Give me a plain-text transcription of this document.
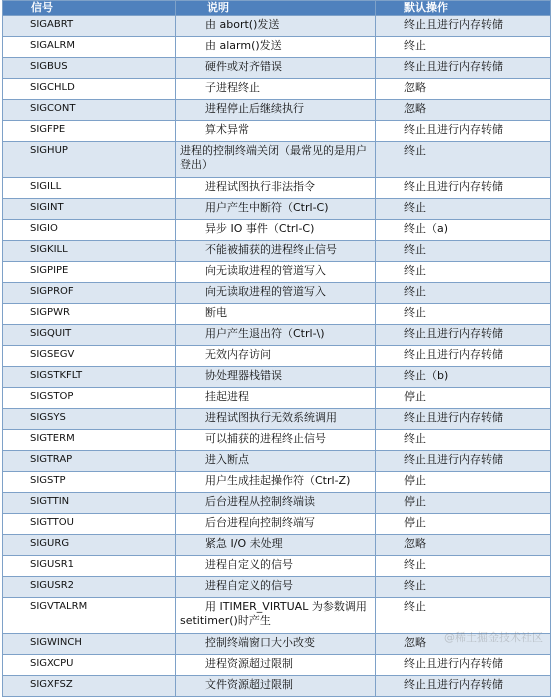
信号	说明	默认操作
SIGABRT	由 abort()发送	终止且进行内存转储
SIGALRM	由 alarm()发送	终止
SIGBUS	硬件或对齐错误	终止且进行内存转储
SIGCHLD	子进程终止	忽略
SIGCONT	进程停止后继续执行	忽略
SIGFPE	算术异常	终止且进行内存转储
SIGHUP	进程的控制终端关闭（最常见的是用户登出）	终止
SIGILL	进程试图执行非法指令	终止且进行内存转储
SIGINT	用户产生中断符（Ctrl-C)	终止
SIGIO	异步 IO 事件（Ctrl-C)	终止（a)
SIGKILL	不能被捕获的进程终止信号	终止
SIGPIPE	向无读取进程的管道写入	终止
SIGPROF	向无读取进程的管道写入	终止
SIGPWR	断电	终止
SIGQUIT	用户产生退出符（Ctrl-\)	终止且进行内存转储
SIGSEGV	无效内存访问	终止且进行内存转储
SIGSTKFLT	协处理器栈错误	终止（b)
SIGSTOP	挂起进程	停止
SIGSYS	进程试图执行无效系统调用	终止且进行内存转储
SIGTERM	可以捕获的进程终止信号	终止
SIGTRAP	进入断点	终止且进行内存转储
SIGSTP	用户生成挂起操作符（Ctrl-Z)	停止
SIGTTIN	后台进程从控制终端读	停止
SIGTTOU	后台进程向控制终端写	停止
SIGURG	紧急 I/O 未处理	忽略
SIGUSR1	进程自定义的信号	终止
SIGUSR2	进程自定义的信号	终止
SIGVTALRM	用 ITIMER_VIRTUAL 为参数调用 setitimer()时产生	终止
SIGWINCH	控制终端窗口大小改变	忽略
SIGXCPU	进程资源超过限制	终止且进行内存转储
SIGXFSZ	文件资源超过限制	终止且进行内存转储
@稀土掘金技术社区
